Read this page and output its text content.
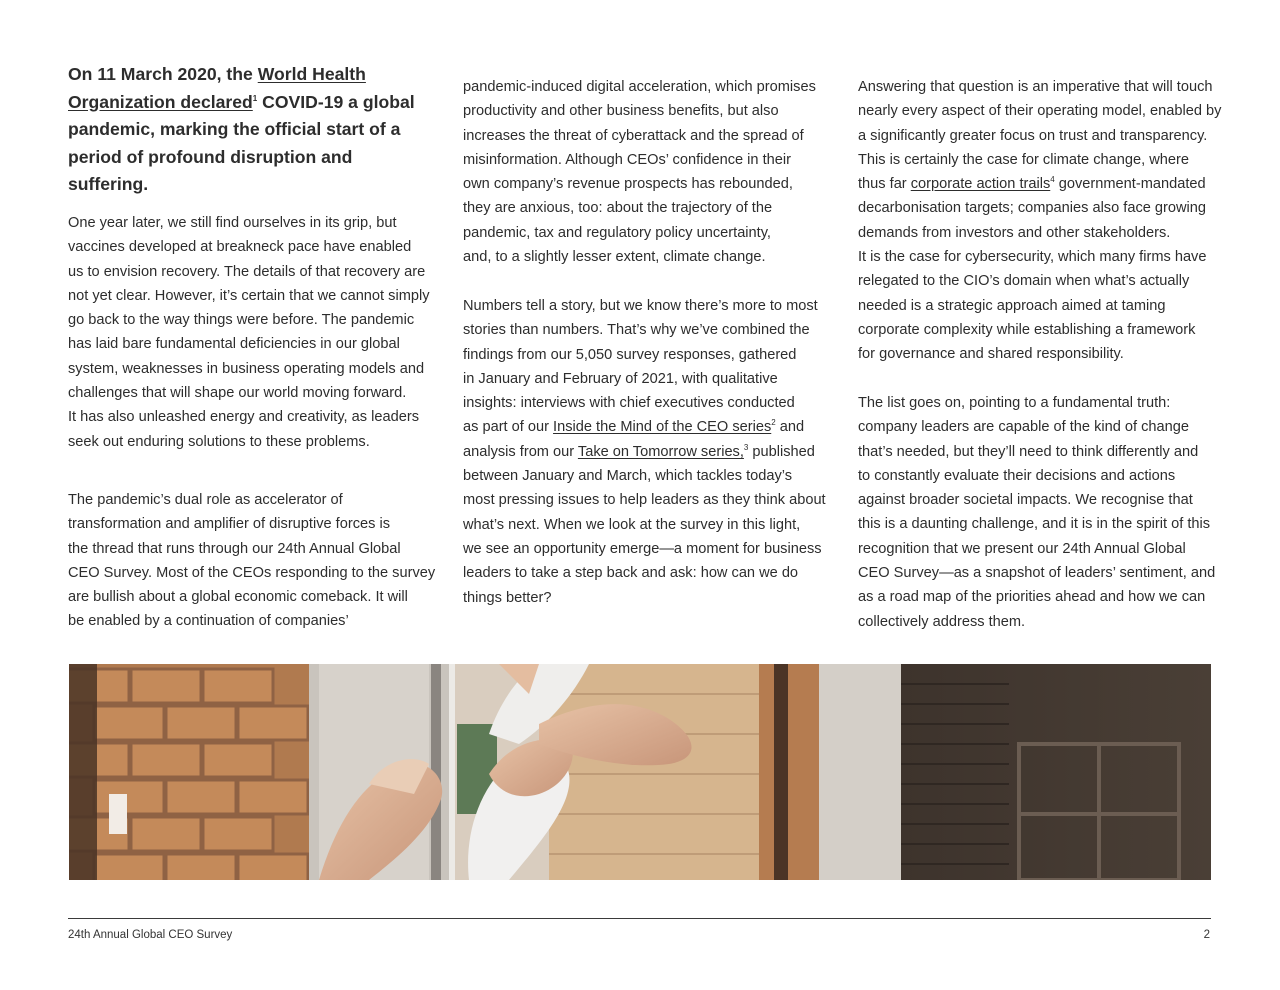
On 11 March 2020, the World Health Organization declared$^1$ COVID-19 a global pandemic, marking the official start of a period of profound disruption and suffering.

One year later, we still find ourselves in its grip, but
vaccines developed at breakneck pace have enabled
us to envision recovery. The details of that recovery are
not yet clear. However, it’s certain that we cannot simply
go back to the way things were before. The pandemic
has laid bare fundamental deficiencies in our global
system, weaknesses in business operating models and
challenges that will shape our world moving forward.
It has also unleashed energy and creativity, as leaders
seek out enduring solutions to these problems.

The pandemic’s dual role as accelerator of
transformation and amplifier of disruptive forces is
the thread that runs through our 24th Annual Global
CEO Survey. Most of the CEOs responding to the survey
are bullish about a global economic comeback. It will
be enabled by a continuation of companies’

pandemic-induced digital acceleration, which promises
productivity and other business benefits, but also
increases the threat of cyberattack and the spread of
misinformation. Although CEOs’ confidence in their
own company’s revenue prospects has rebounded,
they are anxious, too: about the trajectory of the
pandemic, tax and regulatory policy uncertainty,
and, to a slightly lesser extent, climate change.

Numbers tell a story, but we know there’s more to most
stories than numbers. That’s why we’ve combined the
findings from our 5,050 survey responses, gathered
in January and February of 2021, with qualitative
insights: interviews with chief executives conducted
as part of our Inside the Mind of the CEO series$^2$ and
analysis from our Take on Tomorrow series,$^3$ published
between January and March, which tackles today’s
most pressing issues to help leaders as they think about
what’s next. When we look at the survey in this light,
we see an opportunity emerge—a moment for business
leaders to take a step back and ask: how can we do
things better?

Answering that question is an imperative that will touch
nearly every aspect of their operating model, enabled by
a significantly greater focus on trust and transparency.
This is certainly the case for climate change, where
thus far corporate action trails$^4$ government-mandated
decarbonisation targets; companies also face growing
demands from investors and other stakeholders.
It is the case for cybersecurity, which many firms have
relegated to the CIO’s domain when what’s actually
needed is a strategic approach aimed at taming
corporate complexity while establishing a framework
for governance and shared responsibility.

The list goes on, pointing to a fundamental truth:
company leaders are capable of the kind of change
that’s needed, but they’ll need to think differently and
to constantly evaluate their decisions and actions
against broader societal impacts. We recognise that
this is a daunting challenge, and it is in the spirit of this
recognition that we present our 24th Annual Global
CEO Survey—as a snapshot of leaders’ sentiment, and
as a road map of the priorities ahead and how we can
collectively address them.

24th Annual Global CEO Survey	2
